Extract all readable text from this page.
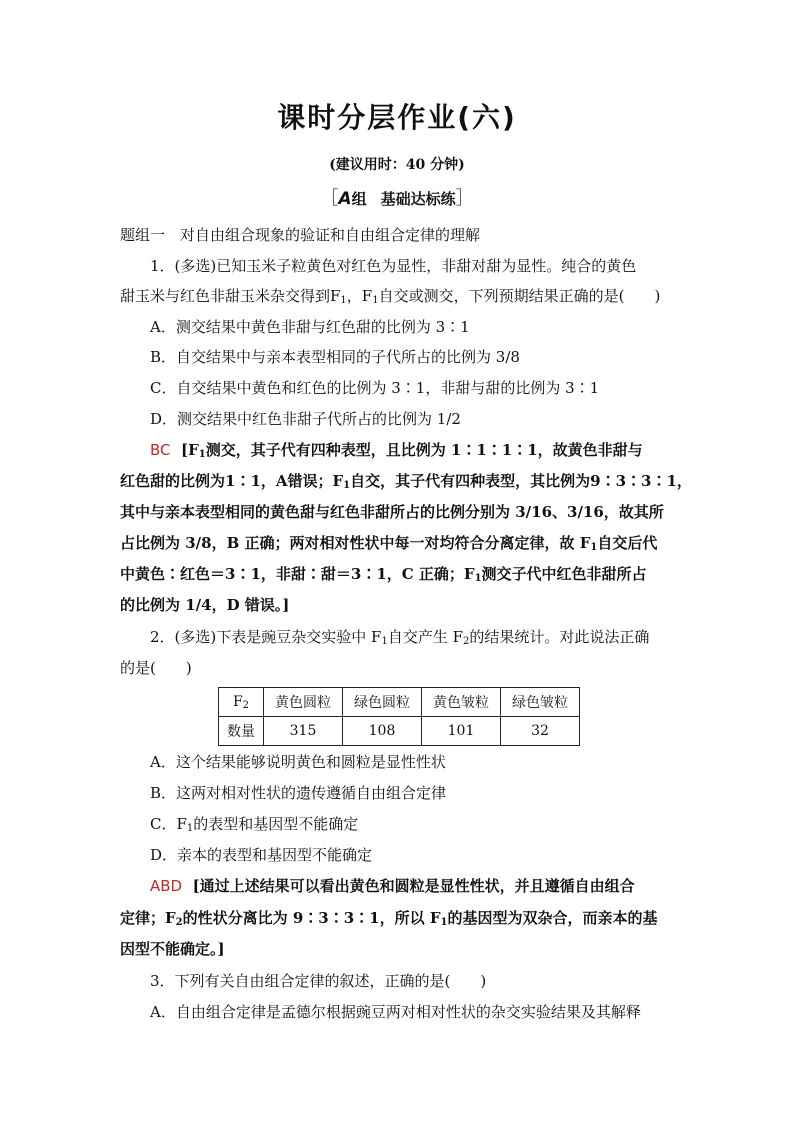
课时分层作业(六)
(建议用时：40 分钟)
［A组 基础达标练］
题组一　对自由组合现象的验证和自由组合定律的理解
1．(多选)已知玉米子粒黄色对红色为显性，非甜对甜为显性。纯合的黄色
甜玉米与红色非甜玉米杂交得到$F_1$，$F_1$自交或测交，下列预期结果正确的是(　　)
A．测交结果中黄色非甜与红色甜的比例为 3∶1
B．自交结果中与亲本表型相同的子代所占的比例为 3/8
C．自交结果中黄色和红色的比例为 3∶1，非甜与甜的比例为 3∶1
D．测交结果中红色非甜子代所占的比例为 1/2
BC [$F_1$测交，其子代有四种表型，且比例为 1∶1∶1∶1，故黄色非甜与
红色甜的比例为1∶1，A错误；$F_1$自交，其子代有四种表型，其比例为9∶3∶3∶1，
其中与亲本表型相同的黄色甜与红色非甜所占的比例分别为 3/16、3/16，故其所
占比例为 3/8，B 正确；两对相对性状中每一对均符合分离定律，故 $F_1$自交后代
中黄色∶红色＝3∶1，非甜∶甜＝3∶1，C 正确；$F_1$测交子代中红色非甜所占
的比例为 1/4，D 错误。]
2．(多选)下表是豌豆杂交实验中 $F_1$自交产生 $F_2$的结果统计。对此说法正确
的是(　　)
$F_2$	黄色圆粒	绿色圆粒	黄色皱粒	绿色皱粒
数量	315	108	101	32
A．这个结果能够说明黄色和圆粒是显性性状
B．这两对相对性状的遗传遵循自由组合定律
C．$F_1$的表型和基因型不能确定
D．亲本的表型和基因型不能确定
ABD [通过上述结果可以看出黄色和圆粒是显性性状，并且遵循自由组合
定律；$F_2$的性状分离比为 9∶3∶3∶1，所以 $F_1$的基因型为双杂合，而亲本的基
因型不能确定。]
3．下列有关自由组合定律的叙述，正确的是(　　)
A．自由组合定律是孟德尔根据豌豆两对相对性状的杂交实验结果及其解释
